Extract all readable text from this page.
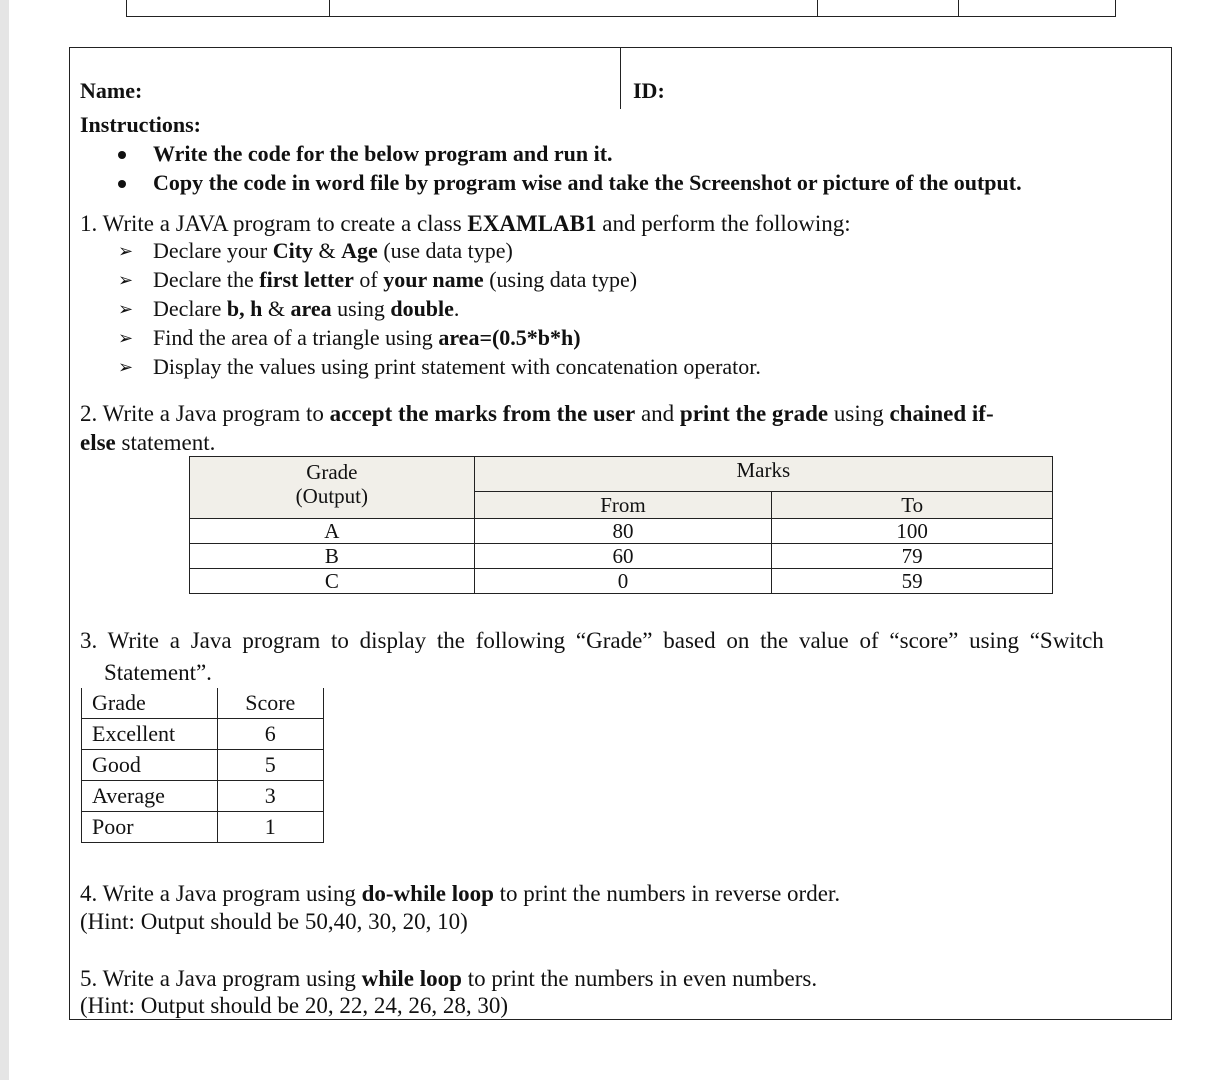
Name:	ID:
Instructions:
Write the code for the below program and run it.
Copy the code in word file by program wise and take the Screenshot or picture of the output.
1. Write a JAVA program to create a class EXAMLAB1 and perform the following:
➢ Declare your City & Age (use data type)
➢ Declare the first letter of your name (using data type)
➢ Declare b, h & area using double.
➢ Find the area of a triangle using area=(0.5*b*h)
➢ Display the values using print statement with concatenation operator.
2. Write a Java program to accept the marks from the user and print the grade using chained if-
else statement.
Grade
(Output)	Marks	
	From	To
A	80	100
B	60	79
C	0	59
3. Write a Java program to display the following “Grade” based on the value of “score” using “Switch
Statement”.
Grade	Score
Excellent	6
Good	5
Average	3
Poor	1
4. Write a Java program using do-while loop to print the numbers in reverse order.
(Hint: Output should be 50,40, 30, 20, 10)
5. Write a Java program using while loop to print the numbers in even numbers.
(Hint: Output should be 20, 22, 24, 26, 28, 30)
